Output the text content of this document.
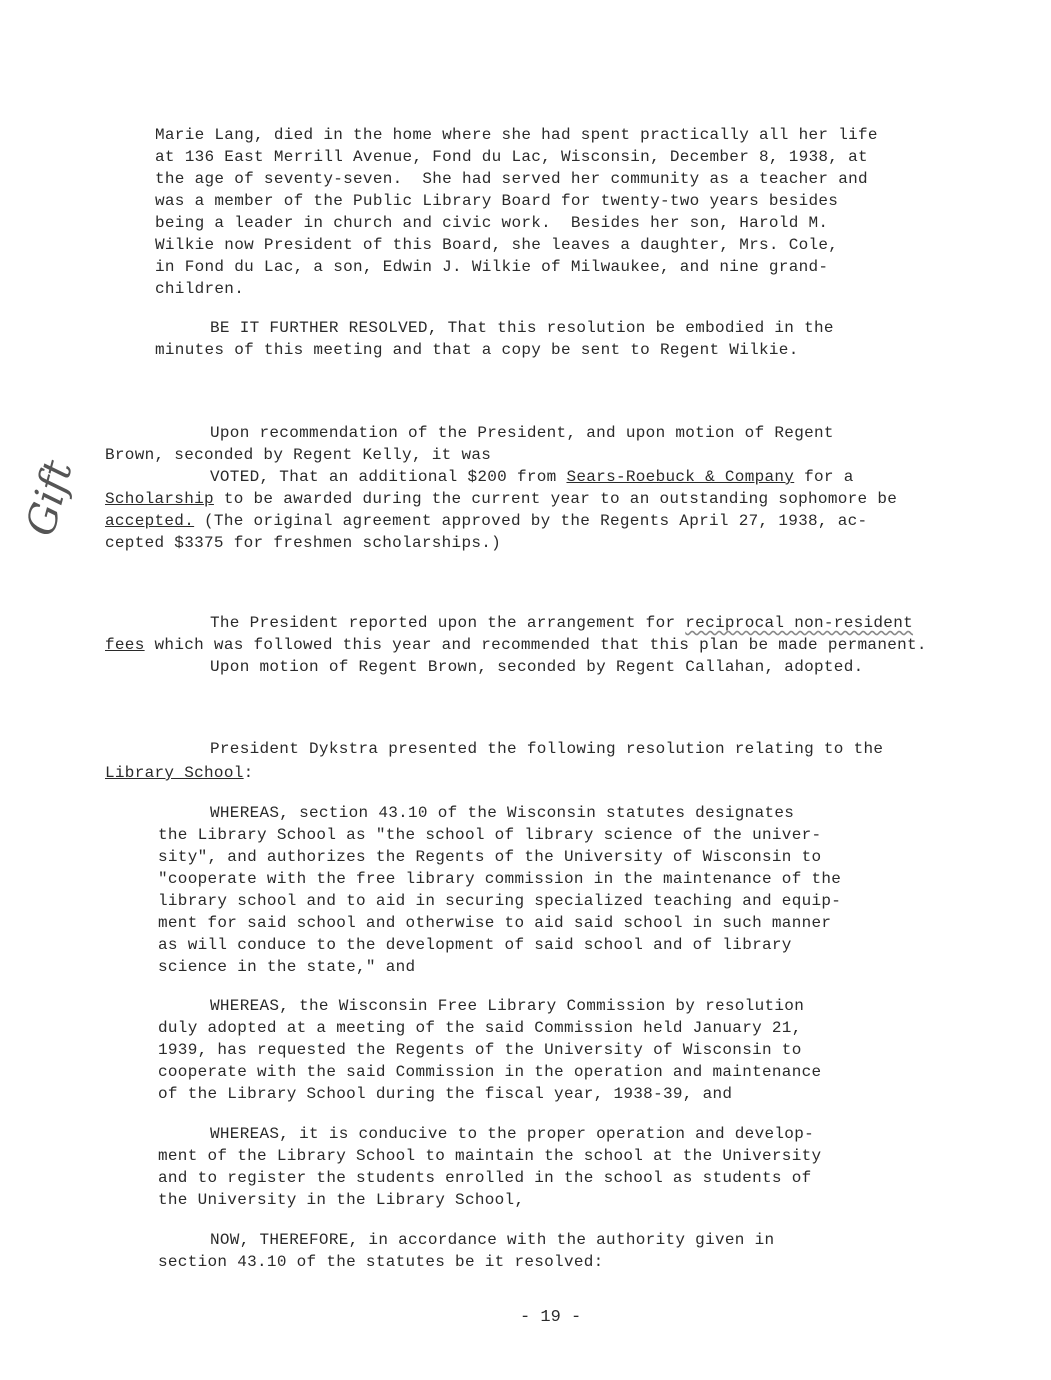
Marie Lang, died in the home where she had spent practically all her life
at 136 East Merrill Avenue, Fond du Lac, Wisconsin, December 8, 1938, at
the age of seventy-seven.  She had served her community as a teacher and
was a member of the Public Library Board for twenty-two years besides
being a leader in church and civic work.  Besides her son, Harold M.
Wilkie now President of this Board, she leaves a daughter, Mrs. Cole,
in Fond du Lac, a son, Edwin J. Wilkie of Milwaukee, and nine grand-
children.
BE IT FURTHER RESOLVED, That this resolution be embodied in the
minutes of this meeting and that a copy be sent to Regent Wilkie.
Upon recommendation of the President, and upon motion of Regent
Brown, seconded by Regent Kelly, it was
VOTED, That an additional $200 from Sears-Roebuck & Company for a
Scholarship to be awarded during the current year to an outstanding sophomore be
accepted. (The original agreement approved by the Regents April 27, 1938, ac-
cepted $3375 for freshmen scholarships.)
Gift
The President reported upon the arrangement for reciprocal non-resident
fees which was followed this year and recommended that this plan be made permanent.
Upon motion of Regent Brown, seconded by Regent Callahan, adopted.
President Dykstra presented the following resolution relating to the
Library School:
WHEREAS, section 43.10 of the Wisconsin statutes designates
the Library School as "the school of library science of the univer-
sity", and authorizes the Regents of the University of Wisconsin to
"cooperate with the free library commission in the maintenance of the
library school and to aid in securing specialized teaching and equip-
ment for said school and otherwise to aid said school in such manner
as will conduce to the development of said school and of library
science in the state," and
WHEREAS, the Wisconsin Free Library Commission by resolution
duly adopted at a meeting of the said Commission held January 21,
1939, has requested the Regents of the University of Wisconsin to
cooperate with the said Commission in the operation and maintenance
of the Library School during the fiscal year, 1938-39, and
WHEREAS, it is conducive to the proper operation and develop-
ment of the Library School to maintain the school at the University
and to register the students enrolled in the school as students of
the University in the Library School,
NOW, THEREFORE, in accordance with the authority given in
section 43.10 of the statutes be it resolved:
- 19 -
